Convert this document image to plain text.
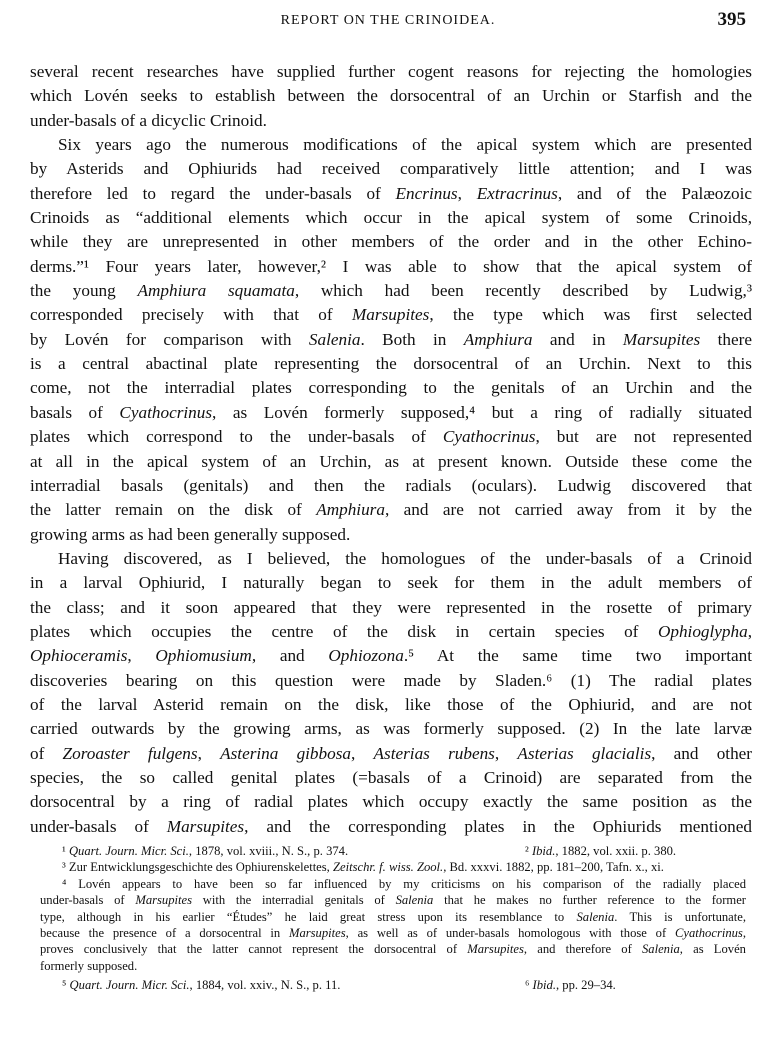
REPORT ON THE CRINOIDEA.	395
several recent researches have supplied further cogent reasons for rejecting the homologies
which Lovén seeks to establish between the dorsocentral of an Urchin or Starfish and the
under-basals of a dicyclic Crinoid.
Six years ago the numerous modifications of the apical system which are presented
by Asterids and Ophiurids had received comparatively little attention; and I was
therefore led to regard the under-basals of Encrinus, Extracrinus, and of the Palæozoic
Crinoids as “additional elements which occur in the apical system of some Crinoids,
while they are unrepresented in other members of the order and in the other Echino-
derms.”¹ Four years later, however,² I was able to show that the apical system of
the young Amphiura squamata, which had been recently described by Ludwig,³
corresponded precisely with that of Marsupites, the type which was first selected
by Lovén for comparison with Salenia. Both in Amphiura and in Marsupites there
is a central abactinal plate representing the dorsocentral of an Urchin. Next to this
come, not the interradial plates corresponding to the genitals of an Urchin and the
basals of Cyathocrinus, as Lovén formerly supposed,⁴ but a ring of radially situated
plates which correspond to the under-basals of Cyathocrinus, but are not represented
at all in the apical system of an Urchin, as at present known. Outside these come the
interradial basals (genitals) and then the radials (oculars). Ludwig discovered that
the latter remain on the disk of Amphiura, and are not carried away from it by the
growing arms as had been generally supposed.
Having discovered, as I believed, the homologues of the under-basals of a Crinoid
in a larval Ophiurid, I naturally began to seek for them in the adult members of
the class; and it soon appeared that they were represented in the rosette of primary
plates which occupies the centre of the disk in certain species of Ophioglypha,
Ophioceramis, Ophiomusium, and Ophiozona.⁵ At the same time two important
discoveries bearing on this question were made by Sladen.⁶ (1) The radial plates
of the larval Asterid remain on the disk, like those of the Ophiurid, and are not
carried outwards by the growing arms, as was formerly supposed. (2) In the late larvæ
of Zoroaster fulgens, Asterina gibbosa, Asterias rubens, Asterias glacialis, and other
species, the so called genital plates (=basals of a Crinoid) are separated from the
dorsocentral by a ring of radial plates which occupy exactly the same position as the
under-basals of Marsupites, and the corresponding plates in the Ophiurids mentioned
¹ Quart. Journ. Micr. Sci., 1878, vol. xviii., N. S., p. 374.	² Ibid., 1882, vol. xxii. p. 380.
³ Zur Entwicklungsgeschichte des Ophiurenskelettes, Zeitschr. f. wiss. Zool., Bd. xxxvi. 1882, pp. 181–200, Tafn. x., xi.
⁴ Lovén appears to have been so far influenced by my criticisms on his comparison of the radially placed
under-basals of Marsupites with the interradial genitals of Salenia that he makes no further reference to the former
type, although in his earlier “Études” he laid great stress upon its resemblance to Salenia. This is unfortunate,
because the presence of a dorsocentral in Marsupites, as well as of under-basals homologous with those of Cyathocrinus,
proves conclusively that the latter cannot represent the dorsocentral of Marsupites, and therefore of Salenia, as Lovén
formerly supposed.
⁵ Quart. Journ. Micr. Sci., 1884, vol. xxiv., N. S., p. 11.	⁶ Ibid., pp. 29–34.
